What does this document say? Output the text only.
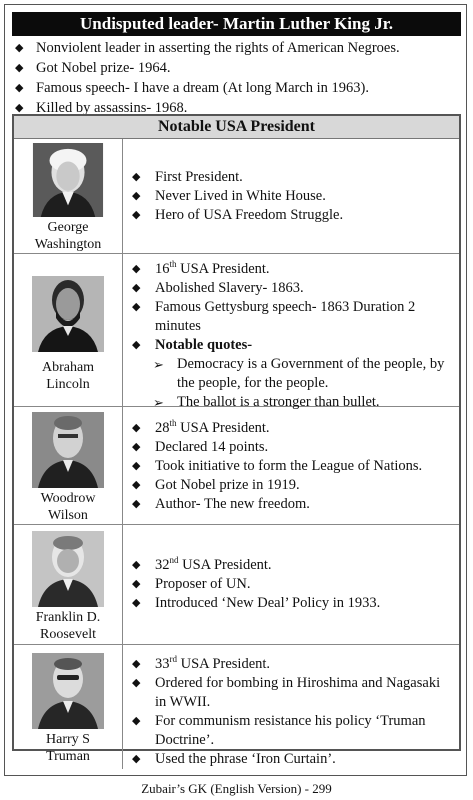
Undisputed leader- Martin Luther King Jr.
◆ Nonviolent leader in asserting the rights of American Negroes.
◆ Got Nobel prize- 1964.
◆ Famous speech- I have a dream (At long March in 1963).
◆ Killed by assassins- 1968.
Notable USA President
George
Washington
◆ First President.
◆ Never Lived in White House.
◆ Hero of USA Freedom Struggle.
Abraham
Lincoln
◆ 16th USA President.
◆ Abolished Slavery- 1863.
◆ Famous Gettysburg speech- 1863 Duration 2 minutes
◆ Notable quotes-
➢ Democracy is a Government of the people, by the people, for the people.
➢ The ballot is a stronger than bullet.
Woodrow
Wilson
◆ 28th USA President.
◆ Declared 14 points.
◆ Took initiative to form the League of Nations.
◆ Got Nobel prize in 1919.
◆ Author- The new freedom.
Franklin D.
Roosevelt
◆ 32nd USA President.
◆ Proposer of UN.
◆ Introduced ‘New Deal’ Policy in 1933.
Harry S
Truman
◆ 33rd USA President.
◆ Ordered for bombing in Hiroshima and Nagasaki in WWII.
◆ For communism resistance his policy ‘Truman Doctrine’.
◆ Used the phrase ‘Iron Curtain’.
Zubair’s GK (English Version) - 299
